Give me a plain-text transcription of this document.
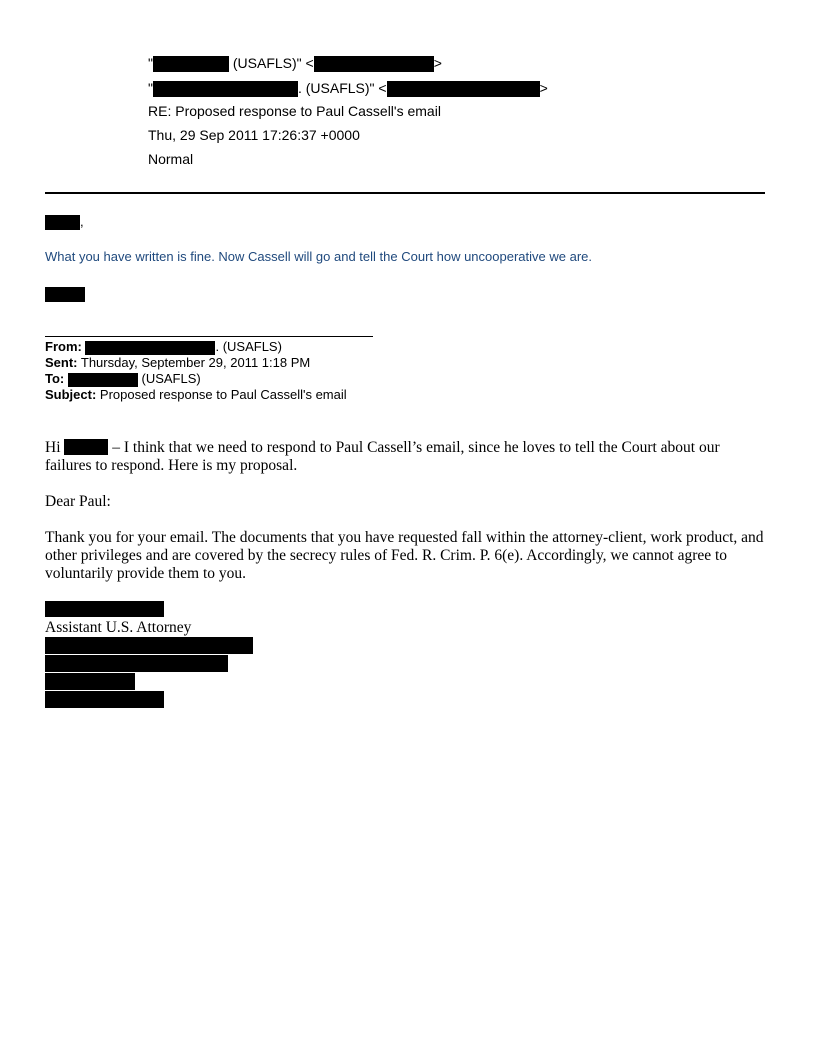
"	(USAFLS)" <	>
"	. (USAFLS)" <	>
RE: Proposed response to Paul Cassell's email
Thu, 29 Sep 2011 17:26:37 +0000
Normal
,
What you have written is fine. Now Cassell will go and tell the Court how uncooperative we are.
From:	. (USAFLS)
Sent: Thursday, September 29, 2011 1:18 PM
To:	(USAFLS)
Subject: Proposed response to Paul Cassell's email
Hi	– I think that we need to respond to Paul Cassell’s email, since he loves to tell the Court about our failures to respond. Here is my proposal.
Dear Paul:
Thank you for your email. The documents that you have requested fall within the attorney-client, work product, and other privileges and are covered by the secrecy rules of Fed. R. Crim. P. 6(e). Accordingly, we cannot agree to voluntarily provide them to you.
Assistant U.S. Attorney
